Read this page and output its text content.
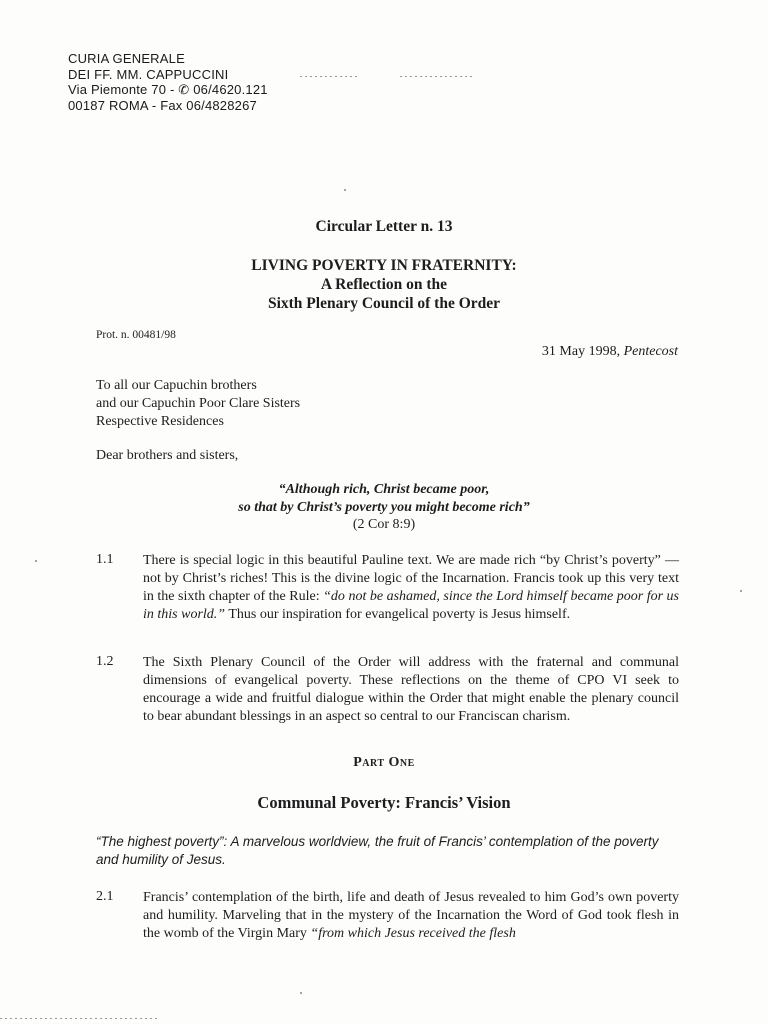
CURIA GENERALE
DEI FF. MM. CAPPUCCINI
Via Piemonte 70 - ✆ 06/4620.121
00187 ROMA - Fax 06/4828267
Circular Letter n. 13
LIVING POVERTY IN FRATERNITY:
A Reflection on the
Sixth Plenary Council of the Order
Prot. n. 00481/98
31 May 1998, Pentecost
To all our Capuchin brothers
and our Capuchin Poor Clare Sisters
Respective Residences
Dear brothers and sisters,
“Although rich, Christ became poor,
so that by Christ’s poverty you might become rich”
(2 Cor 8:9)
1.1 There is special logic in this beautiful Pauline text. We are made rich “by Christ’s poverty” — not by Christ’s riches! This is the divine logic of the Incarnation. Francis took up this very text in the sixth chapter of the Rule: “do not be ashamed, since the Lord himself became poor for us in this world.” Thus our inspiration for evangelical poverty is Jesus himself.
1.2 The Sixth Plenary Council of the Order will address with the fraternal and communal dimensions of evangelical poverty. These reflections on the theme of CPO VI seek to encourage a wide and fruitful dialogue within the Order that might enable the plenary council to bear abundant blessings in an aspect so central to our Franciscan charism.
Part One
Communal Poverty: Francis’ Vision
“The highest poverty”: A marvelous worldview, the fruit of Francis’ contemplation of the poverty and humility of Jesus.
2.1 Francis’ contemplation of the birth, life and death of Jesus revealed to him God’s own poverty and humility. Marveling that in the mystery of the Incarnation the Word of God took flesh in the womb of the Virgin Mary “from which Jesus received the flesh
